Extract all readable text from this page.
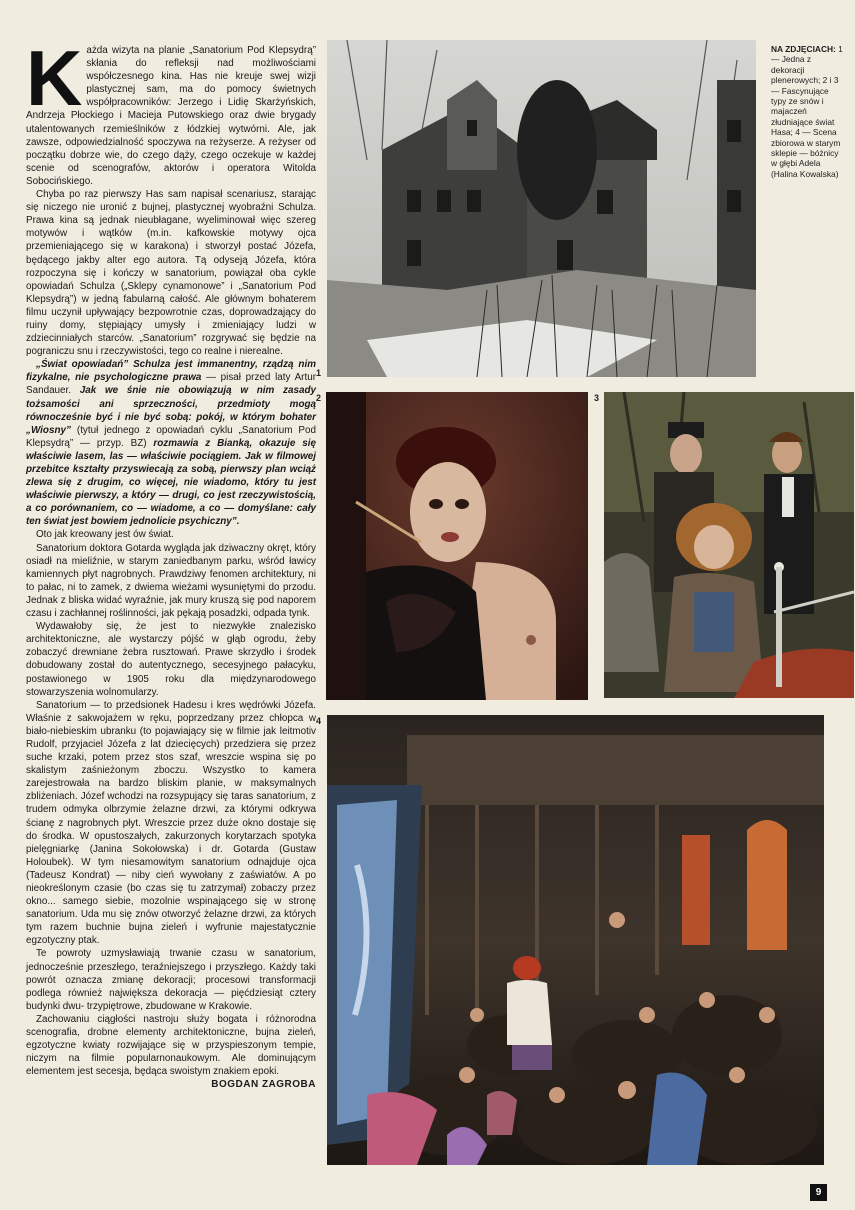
Każda wizyta na planie „Sanatorium Pod Klepsydrą” skłania do refleksji nad możliwościami współczesnego kina. Has nie kreuje swej wizji plastycznej sam, ma do pomocy świetnych współpracowników: Jerzego i Lidię Skarżyńskich, Andrzeja Płockiego i Macieja Putowskiego oraz dwie brygady utalentowanych rzemieślników z łódzkiej wytwórni. Ale, jak zawsze, odpowiedzialność spoczywa na reżyserze. A reżyser od początku dobrze wie, do czego dąży, czego oczekuje w każdej scenie od scenografów, aktorów i operatora Witolda Sobocińskiego.

Chyba po raz pierwszy Has sam napisał scenariusz, starając się niczego nie uronić z bujnej, plastycznej wyobraźni Schulza. Prawa kina są jednak nieubłagane, wyeliminował więc szereg motywów i wątków (m.in. kafkowskie motywy ojca przemieniającego się w karakona) i stworzył postać Józefa, będącego jakby alter ego autora. Tą odyseją Józefa, która rozpoczyna się i kończy w sanatorium, powiązał oba cykle opowiadań Schulza („Sklepy cynamonowe” i „Sanatorium Pod Klepsydrą”) w jedną fabularną całość. Ale głównym bohaterem filmu uczynił upływający bezpowrotnie czas, doprowadzający do ruiny domy, stępiający umysły i zmieniający ludzi w zdziecinniałych starców. „Sanatorium” rozgrywać się będzie na pograniczu snu i rzeczywistości, tego co realne i nierealne.

„Świat opowiadań” Schulza jest immanentny, rządzą nim fizykalne, nie psychologiczne prawa — pisał przed laty Artur Sandauer. Jak we śnie nie obowiązują w nim zasady tożsamości ani sprzeczności, przedmioty mogą równocześnie być i nie być sobą: pokój, w którym bohater „Wiosny” (tytuł jednego z opowiadań cyklu „Sanatorium Pod Klepsydrą” — przyp. BZ) rozmawia z Bianką, okazuje się właściwie lasem, las — właściwie pociągiem. Jak w filmowej przebitce kształty przyswiecają za sobą, pierwszy plan wciąż zlewa się z drugim, co więcej, nie wiadomo, który tu jest właściwie pierwszy, a który — drugi, co jest rzeczywistością, a co porównaniem, co — wiadome, a co — domyślane: cały ten świat jest bowiem jednolicie psychiczny”.

Oto jak kreowany jest ów świat.

Sanatorium doktora Gotarda wygląda jak dziwaczny okręt, który osiadł na mieliźnie, w starym zaniedbanym parku, wśród ławicy kamiennych płyt nagrobnych. Prawdziwy fenomen architektury, ni to pałac, ni to zamek, z dwiema wieżami wysuniętymi do przodu. Jednak z bliska widać wyraźnie, jak mury kruszą się pod naporem czasu i zachłannej roślinności, jak pękają posadzki, odpada tynk.

Wydawałoby się, że jest to niezwykłe znalezisko architektoniczne, ale wystarczy pójść w głąb ogrodu, żeby zobaczyć drewniane żebra rusztowań. Prawe skrzydło i środek dobudowany został do autentycznego, secesyjnego pałacyku, postawionego w 1905 roku dla międzynarodowego stowarzyszenia wolnomularzy.

Sanatorium — to przedsionek Hadesu i kres wędrówki Józefa. Właśnie z sakwojażem w ręku, poprzedzany przez chłopca w biało-niebieskim ubranku (to pojawiający się w filmie jak leitmotiv Rudolf, przyjaciel Józefa z lat dziecięcych) przedziera się przez suche krzaki, potem przez stos szaf, wreszcie wspina się po skalistym zaśnieżonym zboczu. Wszystko to kamera zarejestrowała na bardzo bliskim planie, w maksymalnych zbliżeniach. Józef wchodzi na rozsypujący się taras sanatorium, z trudem odmyka olbrzymie żelazne drzwi, za którymi odkrywa ścianę z nagrobnych płyt. Wreszcie przez duże okno dostaje się do środka. W opustoszałych, zakurzonych korytarzach spotyka pielęgniarkę (Janina Sokołowska) i dr. Gotarda (Gustaw Holoubek). W tym niesamowitym sanatorium odnajduje ojca (Tadeusz Kondrat) — niby cień wywołany z zaświatów. A po nieokreślonym czasie (bo czas się tu zatrzymał) zobaczy przez okno... samego siebie, mozolnie wspinającego się w stronę sanatorium. Uda mu się znów otworzyć żelazne drzwi, za których tym razem buchnie bujna zieleń i wyfrunie majestatycznie egzotyczny ptak.

Te powroty uzmysławiają trwanie czasu w sanatorium, jednocześnie przeszłego, teraźniejszego i przyszłego. Każdy taki powrót oznacza zmianę dekoracji; procesowi transformacji podlega również największa dekoracja — pięćdziesiąt cztery budynki dwu- trzypiętrowe, zbudowane w Krakowie.

Zachowaniu ciągłości nastroju służy bogata i różnorodna scenografia, drobne elementy architektoniczne, bujna zieleń, egzotyczne kwiaty rozwijające się w przyspieszonym tempie, niczym na filmie popularnonaukowym. Ale dominującym elementem jest secesja, będąca swoistym znakiem epoki.

BOGDAN ZAGROBA

1
NA ZDJĘCIACH: 1 — Jedna z dekoracji plenerowych; 2 i 3 — Fascynujące typy ze snów i majaczeń złudniające świat Hasa; 4 — Scena zbiorowa w starym sklepie — bóżnicy w głębi Adela (Halina Kowalska)
2	3
4
9
